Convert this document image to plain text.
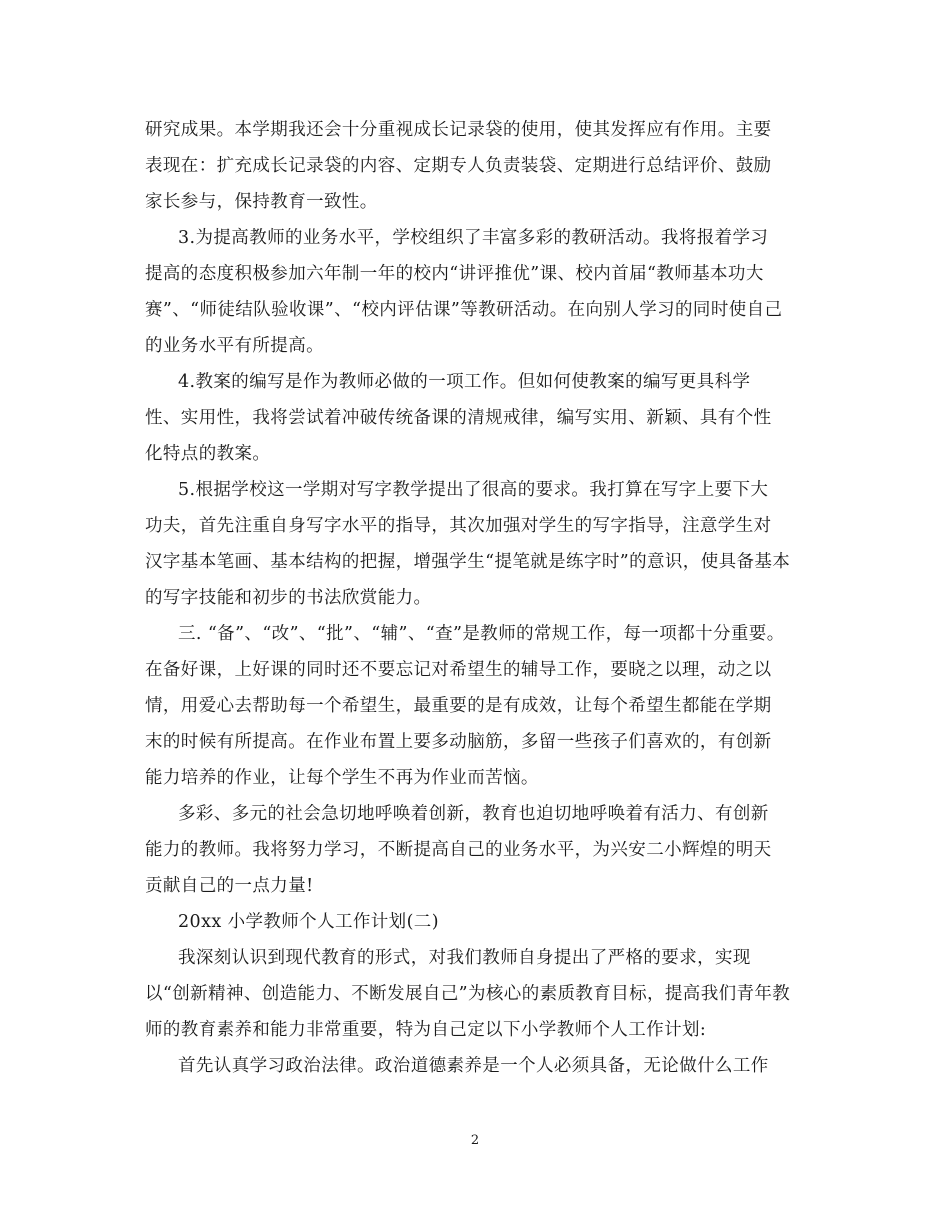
研究成果。本学期我还会十分重视成长记录袋的使用，使其发挥应有作用。主要
表现在：扩充成长记录袋的内容、定期专人负责装袋、定期进行总结评价、鼓励
家长参与，保持教育一致性。
3.为提高教师的业务水平，学校组织了丰富多彩的教研活动。我将报着学习
提高的态度积极参加六年制一年的校内“讲评推优”课、校内首届“教师基本功大
赛”、“师徒结队验收课”、“校内评估课”等教研活动。在向别人学习的同时使自己
的业务水平有所提高。
4.教案的编写是作为教师必做的一项工作。但如何使教案的编写更具科学
性、实用性，我将尝试着冲破传统备课的清规戒律，编写实用、新颖、具有个性
化特点的教案。
5.根据学校这一学期对写字教学提出了很高的要求。我打算在写字上要下大
功夫，首先注重自身写字水平的指导，其次加强对学生的写字指导，注意学生对
汉字基本笔画、基本结构的把握，增强学生“提笔就是练字时”的意识，使具备基本
的写字技能和初步的书法欣赏能力。
三. “备”、“改”、“批”、“辅”、“查”是教师的常规工作，每一项都十分重要。
在备好课，上好课的同时还不要忘记对希望生的辅导工作，要晓之以理，动之以
情，用爱心去帮助每一个希望生，最重要的是有成效，让每个希望生都能在学期
末的时候有所提高。在作业布置上要多动脑筋，多留一些孩子们喜欢的，有创新
能力培养的作业，让每个学生不再为作业而苦恼。
多彩、多元的社会急切地呼唤着创新，教育也迫切地呼唤着有活力、有创新
能力的教师。我将努力学习，不断提高自己的业务水平，为兴安二小辉煌的明天
贡献自己的一点力量!
20xx 小学教师个人工作计划(二)
我深刻认识到现代教育的形式，对我们教师自身提出了严格的要求，实现
以“创新精神、创造能力、不断发展自己”为核心的素质教育目标，提高我们青年教
师的教育素养和能力非常重要，特为自己定以下小学教师个人工作计划:
首先认真学习政治法律。政治道德素养是一个人必须具备，无论做什么工作
2
